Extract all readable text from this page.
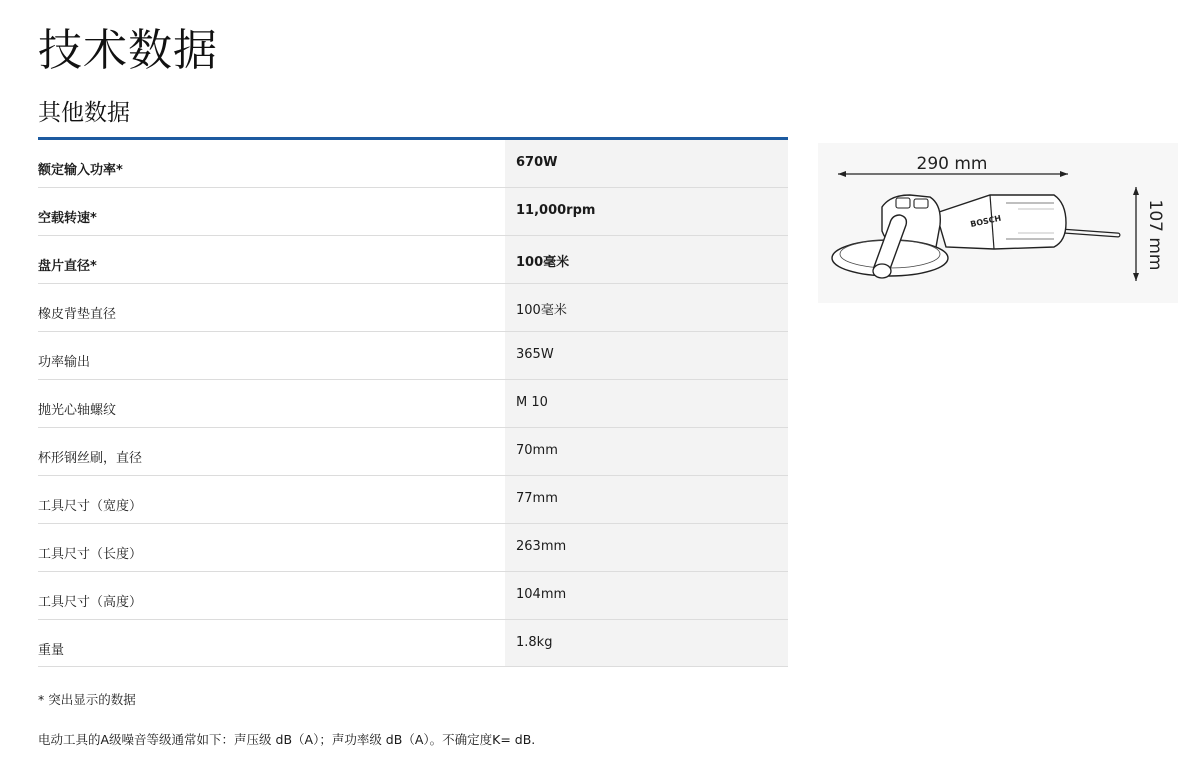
技术数据
其他数据
额定输入功率*
670W
空载转速*
11,000rpm
盘片直径*	100毫米
橡皮背垫直径	100毫米
功率输出
365W
抛光心轴螺纹
M 10
杯形钢丝刷，直径
70mm
工具尺寸（宽度）
77mm
工具尺寸（长度）
263mm
工具尺寸（高度）
104mm
重量
1.8kg

* 突出显示的数据

电动工具的A级噪音等级通常如下：声压级 dB（A）；声功率级 dB（A）。不确定度K= dB.

290 mm
107 mm
BOSCH
